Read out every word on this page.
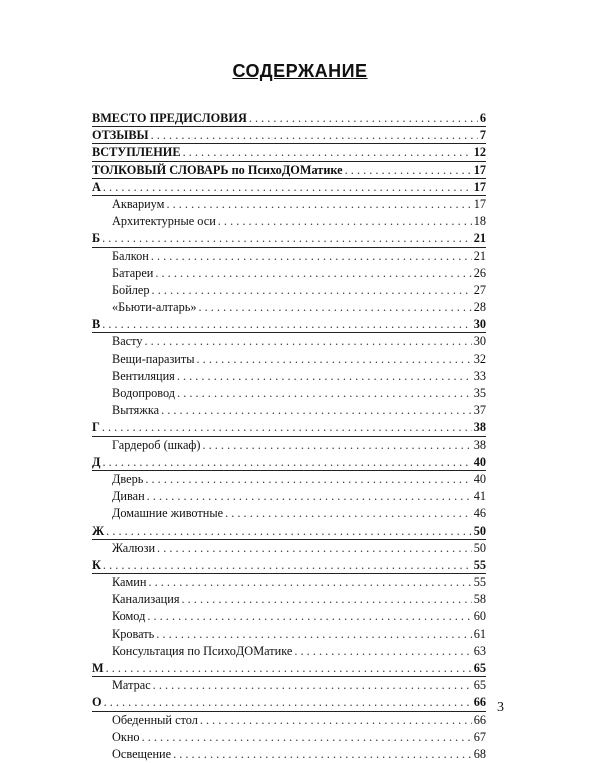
СОДЕРЖАНИЕ
ВМЕСТО ПРЕДИСЛОВИЯ . . .	6
ОТЗЫВЫ . . .	7
ВСТУПЛЕНИЕ . . .	12
ТОЛКОВЫЙ СЛОВАРЬ по ПсихоДОМатике . . .	17
А . . .	17
Аквариум . . .	17
Архитектурные оси . . .	18
Б . . .	21
Балкон . . .	21
Батареи . . .	26
Бойлер . . .	27
«Бьюти-алтарь» . . .	28
В . . .	30
Васту . . .	30
Вещи-паразиты . . .	32
Вентиляция . . .	33
Водопровод . . .	35
Вытяжка . . .	37
Г . . .	38
Гардероб (шкаф) . . .	38
Д . . .	40
Дверь . . .	40
Диван . . .	41
Домашние животные . . .	46
Ж . . .	50
Жалюзи . . .	50
К . . .	55
Камин . . .	55
Канализация . . .	58
Комод . . .	60
Кровать . . .	61
Консультация по ПсихоДОМатике . . .	63
М . . .	65
Матрас . . .	65
О . . .	66
Обеденный стол . . .	66
Окно . . .	67
Освещение . . .	68
3
